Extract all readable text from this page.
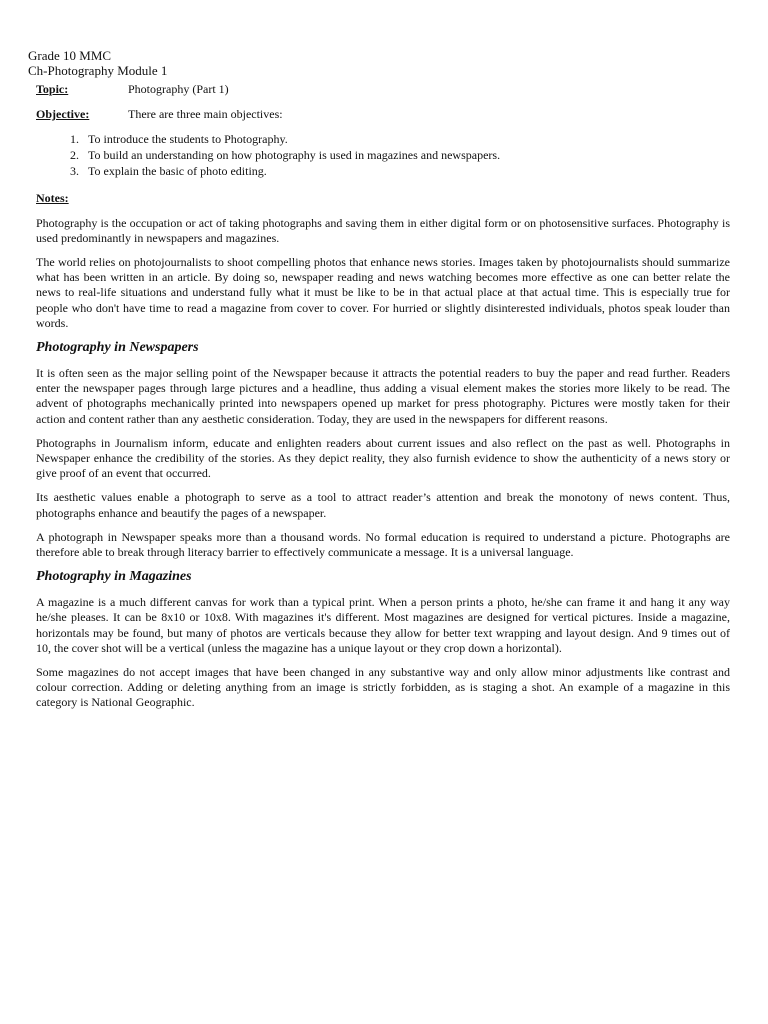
Grade 10 MMC
Ch-Photography Module 1
Topic:	Photography (Part 1)
Objective:	There are three main objectives:
1. To introduce the students to Photography.
2. To build an understanding on how photography is used in magazines and newspapers.
3. To explain the basic of photo editing.
Notes:

Photography is the occupation or act of taking photographs and saving them in either digital form or on photosensitive surfaces. Photography is used predominantly in newspapers and magazines.

The world relies on photojournalists to shoot compelling photos that enhance news stories. Images taken by photojournalists should summarize what has been written in an article. By doing so, newspaper reading and news watching becomes more effective as one can better relate the news to real-life situations and understand fully what it must be like to be in that actual place at that actual time. This is especially true for people who don't have time to read a magazine from cover to cover. For hurried or slightly disinterested individuals, photos speak louder than words.

Photography in Newspapers

It is often seen as the major selling point of the Newspaper because it attracts the potential readers to buy the paper and read further. Readers enter the newspaper pages through large pictures and a headline, thus adding a visual element makes the stories more likely to be read. The advent of photographs mechanically printed into newspapers opened up market for press photography. Pictures were mostly taken for their action and content rather than any aesthetic consideration. Today, they are used in the newspapers for different reasons.

Photographs in Journalism inform, educate and enlighten readers about current issues and also reflect on the past as well. Photographs in Newspaper enhance the credibility of the stories. As they depict reality, they also furnish evidence to show the authenticity of a news story or give proof of an event that occurred.

Its aesthetic values enable a photograph to serve as a tool to attract reader’s attention and break the monotony of news content. Thus, photographs enhance and beautify the pages of a newspaper.

A photograph in Newspaper speaks more than a thousand words. No formal education is required to understand a picture. Photographs are therefore able to break through literacy barrier to effectively communicate a message. It is a universal language.

Photography in Magazines

A magazine is a much different canvas for work than a typical print. When a person prints a photo, he/she can frame it and hang it any way he/she pleases. It can be 8x10 or 10x8. With magazines it's different. Most magazines are designed for vertical pictures. Inside a magazine, horizontals may be found, but many of photos are verticals because they allow for better text wrapping and layout design. And 9 times out of 10, the cover shot will be a vertical (unless the magazine has a unique layout or they crop down a horizontal).

Some magazines do not accept images that have been changed in any substantive way and only allow minor adjustments like contrast and colour correction. Adding or deleting anything from an image is strictly forbidden, as is staging a shot. An example of a magazine in this category is National Geographic.
